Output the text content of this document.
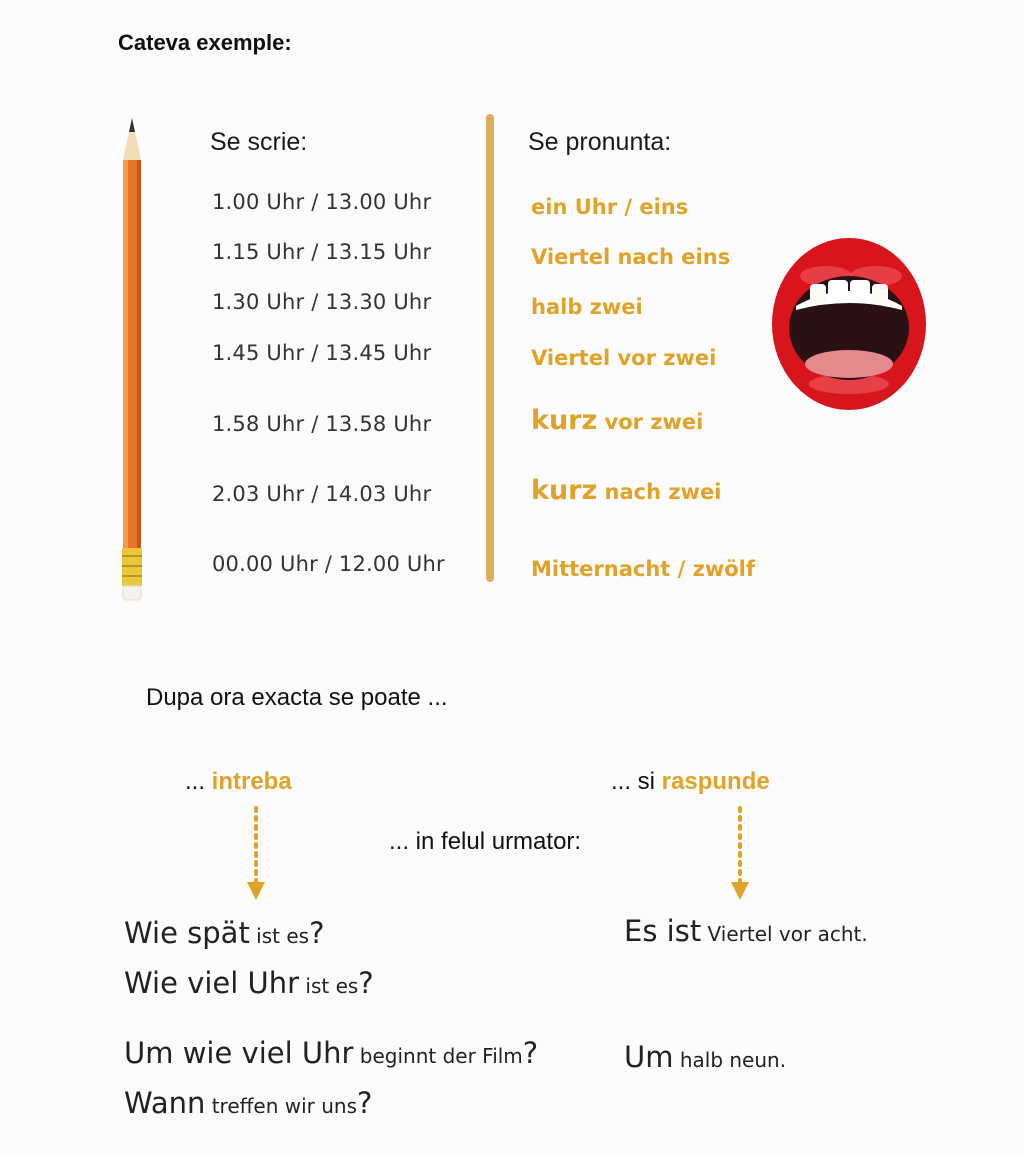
Cateva exemple:
Se scrie:	Se pronunta:
1.00 Uhr / 13.00 Uhr	ein Uhr / eins
1.15 Uhr / 13.15 Uhr	Viertel nach eins
1.30 Uhr / 13.30 Uhr	halb zwei
1.45 Uhr / 13.45 Uhr	Viertel vor zwei
1.58 Uhr / 13.58 Uhr	kurz vor zwei
2.03 Uhr / 14.03 Uhr	kurz nach zwei
00.00 Uhr / 12.00 Uhr	Mitternacht / zwölf
Dupa ora exacta se poate ...
... intreba	... si raspunde
... in felul urmator:
Wie spät ist es?
Wie viel Uhr ist es?
Um wie viel Uhr beginnt der Film?
Wann treffen wir uns?
Es ist Viertel vor acht.
Um halb neun.
